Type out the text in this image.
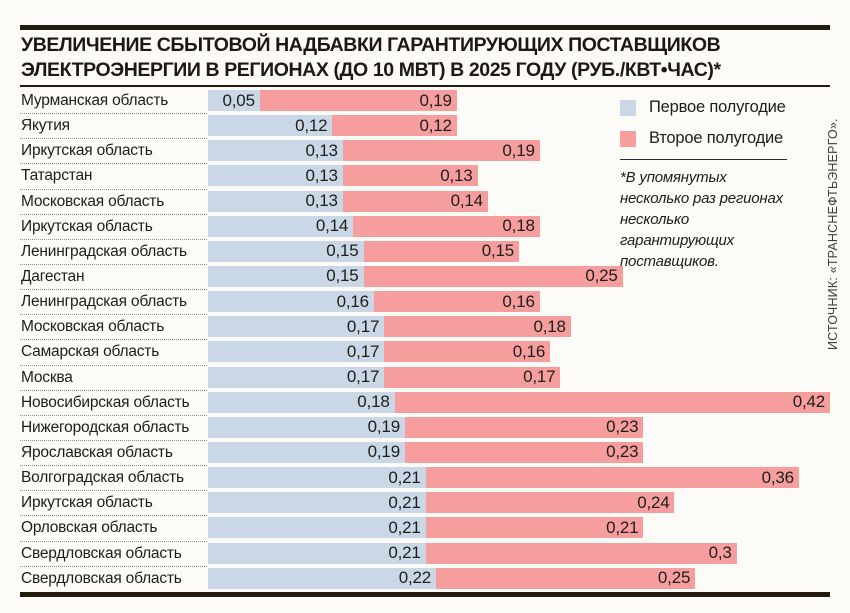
УВЕЛИЧЕНИЕ СБЫТОВОЙ НАДБАВКИ ГАРАНТИРУЮЩИХ ПОСТАВЩИКОВ
ЭЛЕКТРОЭНЕРГИИ В РЕГИОНАХ (ДО 10 МВТ) В 2025 ГОДУ (РУБ./КВТ•ЧАС)*
Мурманская область	0,05	0,19
Якутия	0,12	0,12
Иркутская область	0,13	0,19
Татарстан	0,13	0,13
Московская область	0,13	0,14
Иркутская область	0,14	0,18
Ленинградская область	0,15	0,15
Дагестан	0,15	0,25
Ленинградская область	0,16	0,16
Московская область	0,17	0,18
Самарская область	0,17	0,16
Москва	0,17	0,17
Новосибирская область	0,18	0,42
Нижегородская область	0,19	0,23
Ярославская область	0,19	0,23
Волгоградская область	0,21	0,36
Иркутская область	0,21	0,24
Орловская область	0,21	0,21
Свердловская область	0,21	0,3
Свердловская область	0,22	0,25
Первое полугодие
Второе полугодие
*В упомянутых несколько раз регионах несколько гарантирующих поставщиков.	ИСТОЧНИК: «ТРАНСНЕФТЬЭНЕРГО».
